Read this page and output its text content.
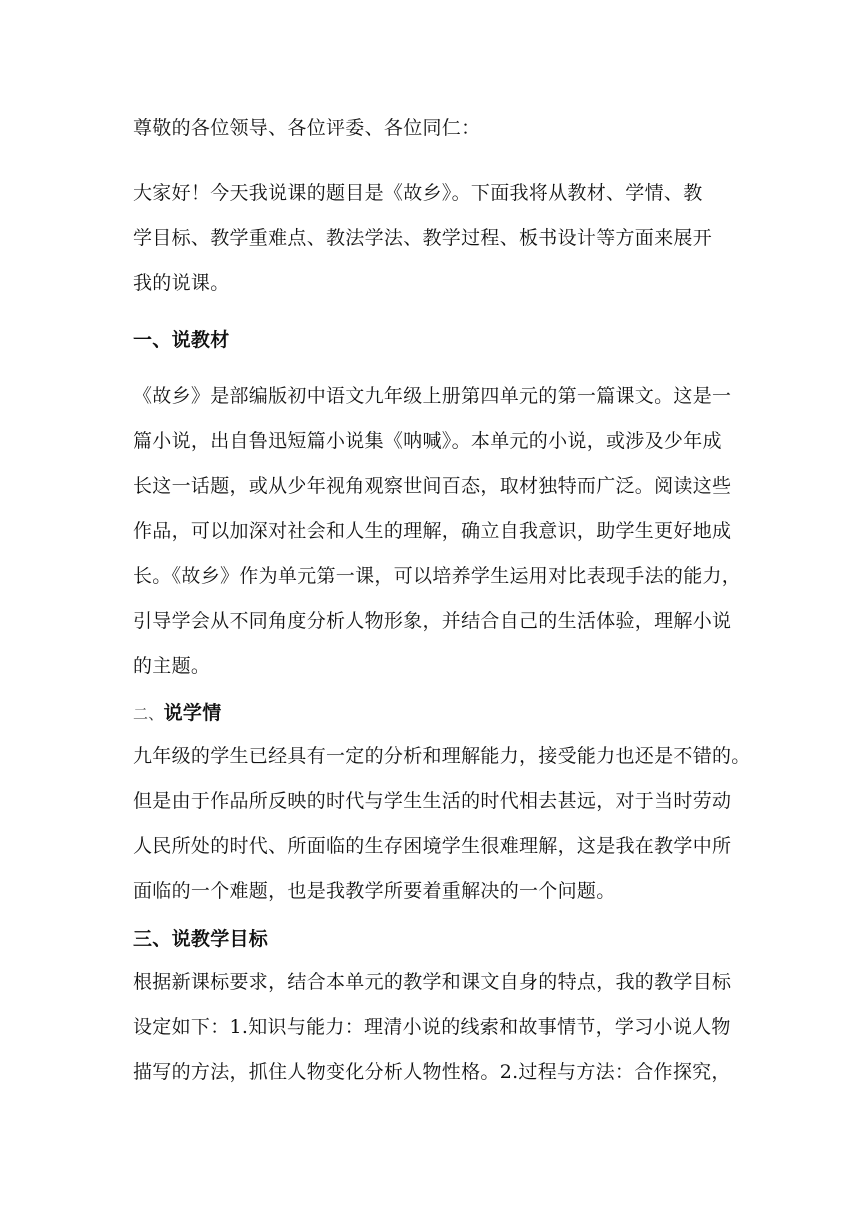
尊敬的各位领导、各位评委、各位同仁：

大家好！今天我说课的题目是《故乡》。下面我将从教材、学情、教

学目标、教学重难点、教法学法、教学过程、板书设计等方面来展开

我的说课。

一、说教材

《故乡》是部编版初中语文九年级上册第四单元的第一篇课文。这是一

篇小说，出自鲁迅短篇小说集《呐喊》。本单元的小说，或涉及少年成

长这一话题，或从少年视角观察世间百态，取材独特而广泛。阅读这些

作品，可以加深对社会和人生的理解，确立自我意识，助学生更好地成

长。《故乡》作为单元第一课，可以培养学生运用对比表现手法的能力，

引导学会从不同角度分析人物形象，并结合自己的生活体验，理解小说

的主题。

二、说学情

九年级的学生已经具有一定的分析和理解能力，接受能力也还是不错的。

但是由于作品所反映的时代与学生生活的时代相去甚远，对于当时劳动

人民所处的时代、所面临的生存困境学生很难理解，这是我在教学中所

面临的一个难题，也是我教学所要着重解决的一个问题。

三、说教学目标

根据新课标要求，结合本单元的教学和课文自身的特点，我的教学目标

设定如下：1.知识与能力：理清小说的线索和故事情节，学习小说人物

描写的方法，抓住人物变化分析人物性格。2.过程与方法：合作探究，
